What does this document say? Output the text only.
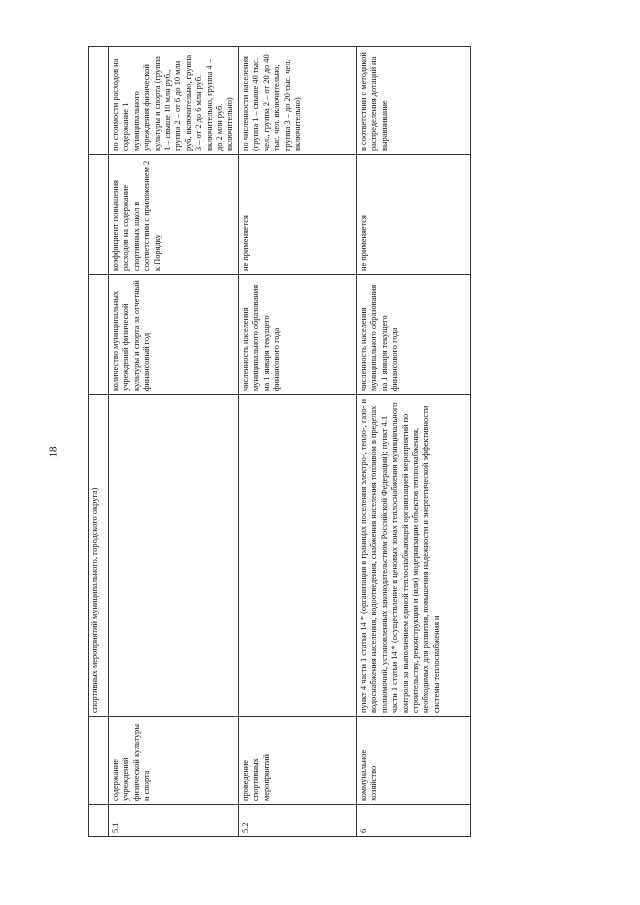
18
		спортивных мероприятий муниципального, городского округа)			
5.1	содержание учреждений физической культуры и спорта		количество муниципальных учреждений физической культуры и спорта за отчетный финансовый год	коэффициент повышения расходов на содержание спортивных школ в соответствии с приложением 2 к Порядку	по стоимости расходов на содержание 1 муниципального учреждения физической культуры и спорта (группа 1 – свыше 10 млн руб., группа 2 – от 6 до 10 млн руб. включительно, группа 3 – от 2 до 6 млн руб. включительно, группа 4 – до 2 млн руб. включительно)
5.2	проведение спортивных мероприятий		численность населения муниципального образования на 1 января текущего финансового года	не применяется	по численности населения (группа 1 – свыше 40 тыс. чел., группа 2 – от 20 до 40 тыс. чел. включительно, группа 3 – до 20 тыс. чел. включительно)
6	коммунальное хозяйство	пункт 4 части 1 статьи 14 * (организация в границах поселения электро-, тепло-, газо- и водоснабжения населения, водоотведения, снабжения населения топливом в пределах полномочий, установленных законодательством Российской Федерации); пункт 4.1 части 1 статьи 14 * (осуществление в ценовых зонах теплоснабжения муниципального контроля за выполнением единой теплоснабжающей организацией мероприятий по строительству, реконструкции и (или) модернизации объектов теплоснабжения, необходимых для развития, повышения надежности и энергетической эффективности системы теплоснабжения и	численность населения муниципального образования на 1 января текущего финансового года	не применяется	в соответствии с методикой распределения дотаций на выравнивание
